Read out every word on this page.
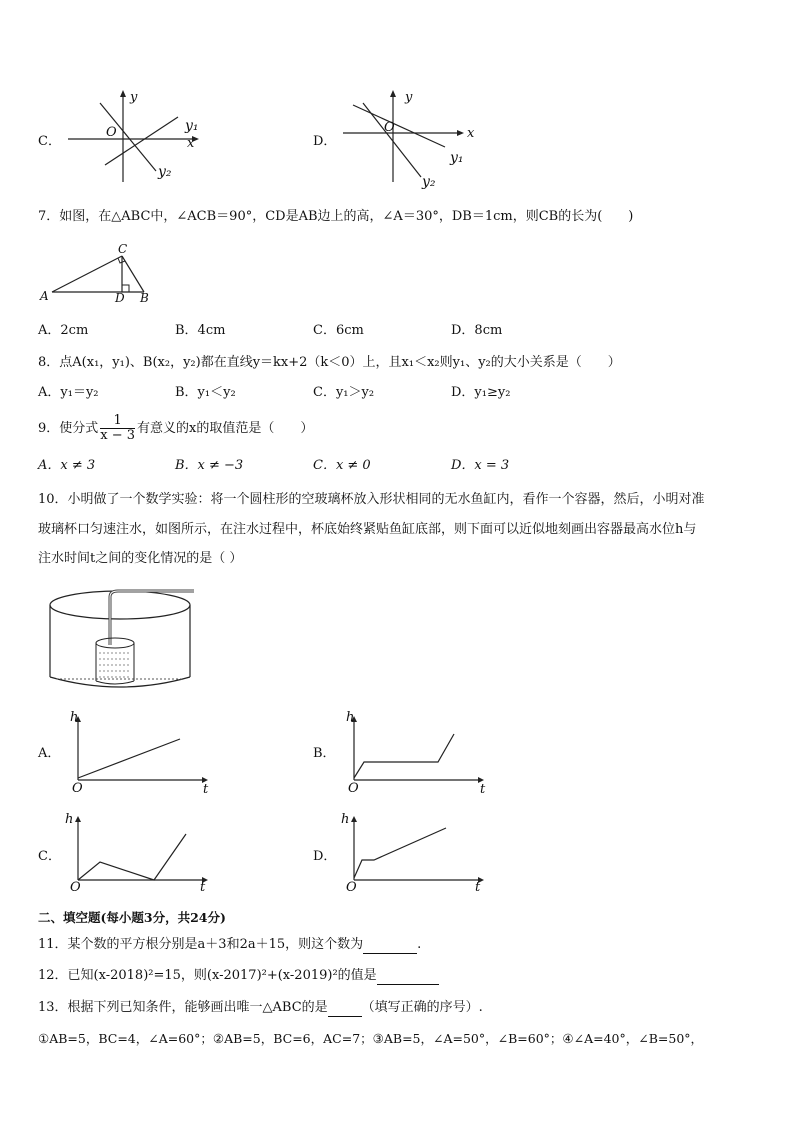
C．
y
O	y₁
x
y₂
D．
y
O	x
y₁
y₂
7．如图，在△ABC中，∠ACB＝90°，CD是AB边上的高，∠A＝30°，DB＝1cm，则CB的长为(　　)
A
C
D B
A．2cm	B．4cm	C．6cm	D．8cm
8．点A(x₁，y₁)、B(x₂，y₂)都在直线y＝kx+2（k＜0）上，且x₁＜x₂则y₁、y₂的大小关系是（　　）
A．y₁＝y₂	B．y₁＜y₂	C．y₁＞y₂	D．y₁≥y₂
9．使分式 $\frac{1}{x - 3}$ 有意义的x的取值范是（　　）
A．x ≠ 3	B．x ≠ −3	C．x ≠ 0	D．x = 3
10．小明做了一个数学实验：将一个圆柱形的空玻璃杯放入形状相同的无水鱼缸内，看作一个容器，然后，小明对准
玻璃杯口匀速注水，如图所示，在注水过程中，杯底始终紧贴鱼缸底部，则下面可以近似地刻画出容器最高水位h与
注水时间t之间的变化情况的是（ ）
A．
h
O	t
B．
h
O	t
C．
h
O	t
D．
h
O	t
二、填空题(每小题3分，共24分)
11．某个数的平方根分别是a＋3和2a＋15，则这个数为	.
12．已知(x-2018)²=15，则(x-2017)²+(x-2019)²的值是
13．根据下列已知条件，能够画出唯一△ABC的是	（填写正确的序号）.
①AB=5，BC=4，∠A=60°；②AB=5，BC=6，AC=7；③AB=5，∠A=50°，∠B=60°；④∠A=40°，∠B=50°，
